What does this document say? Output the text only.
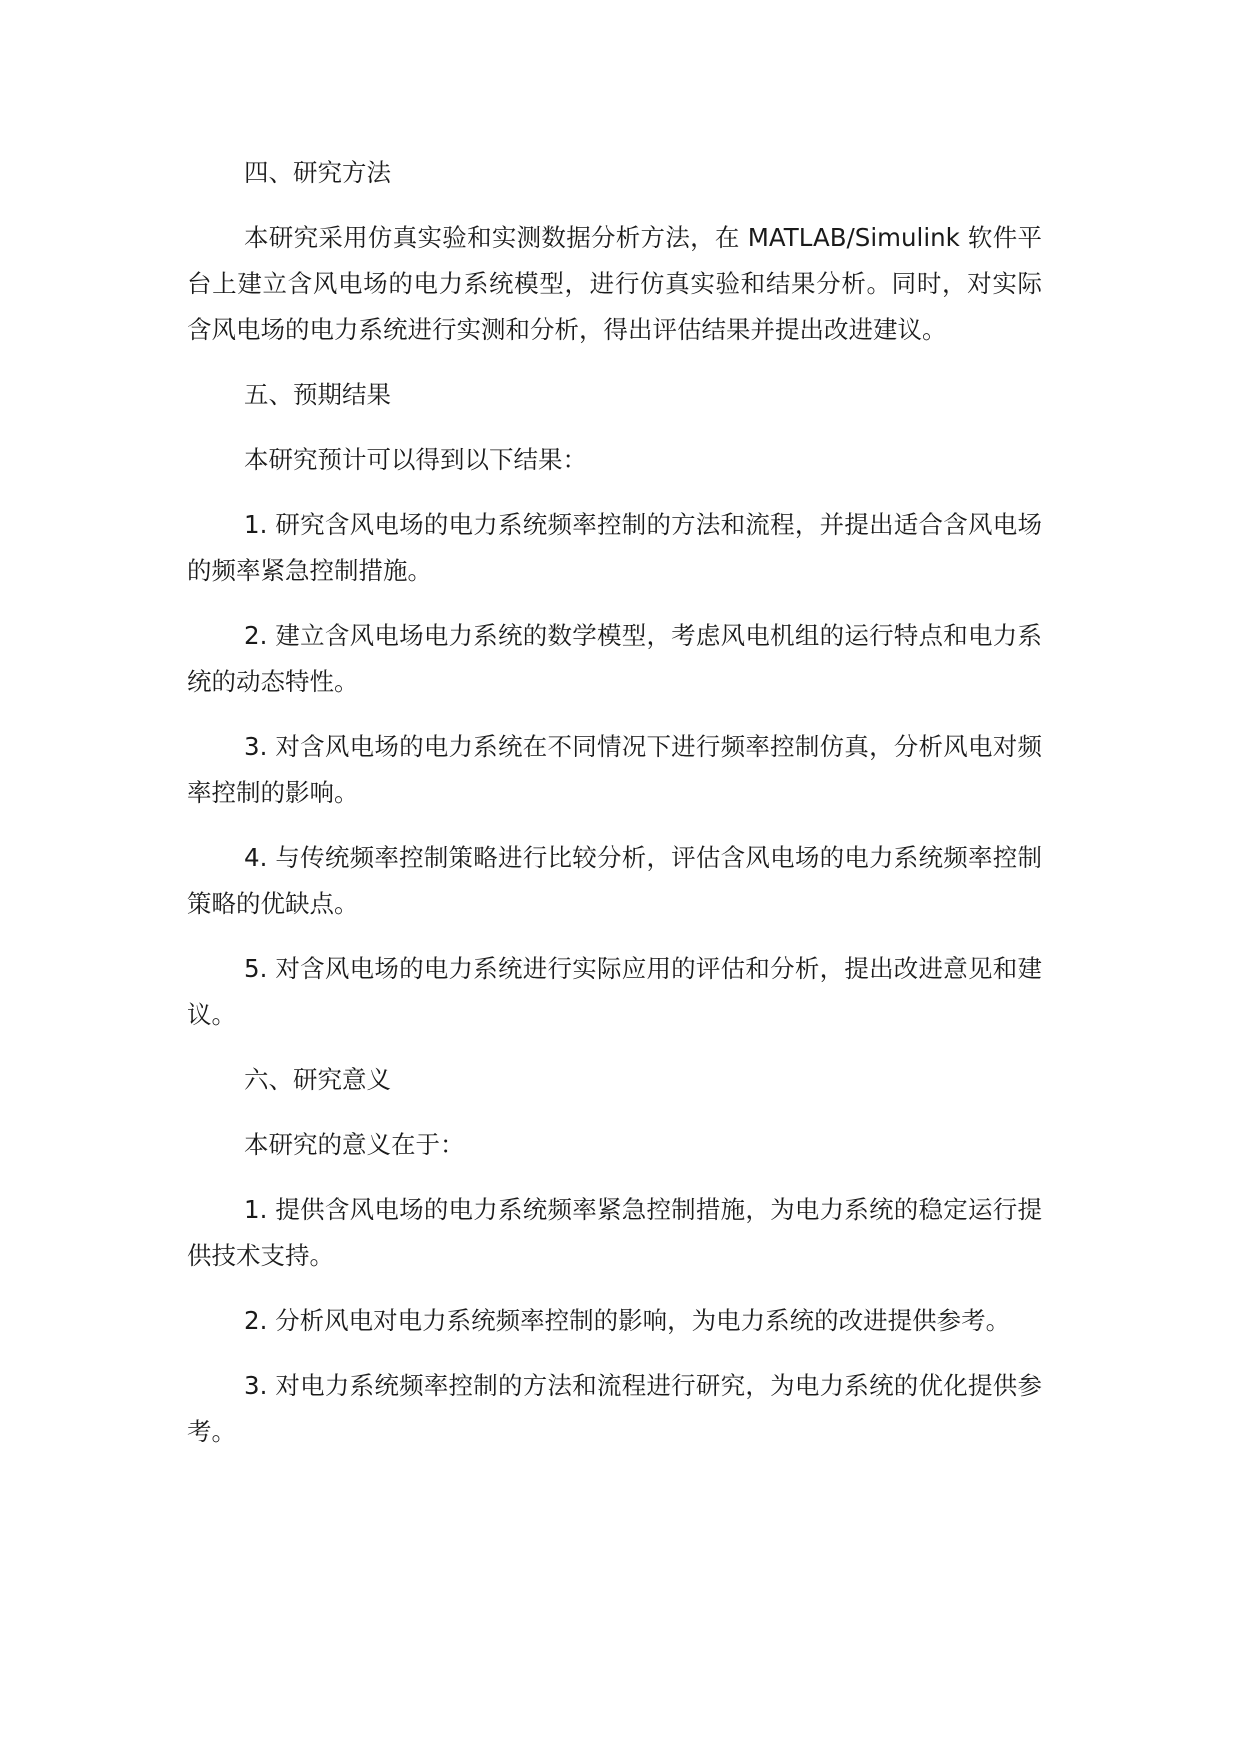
四、研究方法

本研究采用仿真实验和实测数据分析方法，在 MATLAB/Simulink 软件平台上建立含风电场的电力系统模型，进行仿真实验和结果分析。同时，对实际含风电场的电力系统进行实测和分析，得出评估结果并提出改进建议。

五、预期结果

本研究预计可以得到以下结果：

1. 研究含风电场的电力系统频率控制的方法和流程，并提出适合含风电场的频率紧急控制措施。

2. 建立含风电场电力系统的数学模型，考虑风电机组的运行特点和电力系统的动态特性。

3. 对含风电场的电力系统在不同情况下进行频率控制仿真，分析风电对频率控制的影响。

4. 与传统频率控制策略进行比较分析，评估含风电场的电力系统频率控制策略的优缺点。

5. 对含风电场的电力系统进行实际应用的评估和分析，提出改进意见和建议。

六、研究意义

本研究的意义在于：

1. 提供含风电场的电力系统频率紧急控制措施，为电力系统的稳定运行提供技术支持。

2. 分析风电对电力系统频率控制的影响，为电力系统的改进提供参考。

3. 对电力系统频率控制的方法和流程进行研究，为电力系统的优化提供参考。
